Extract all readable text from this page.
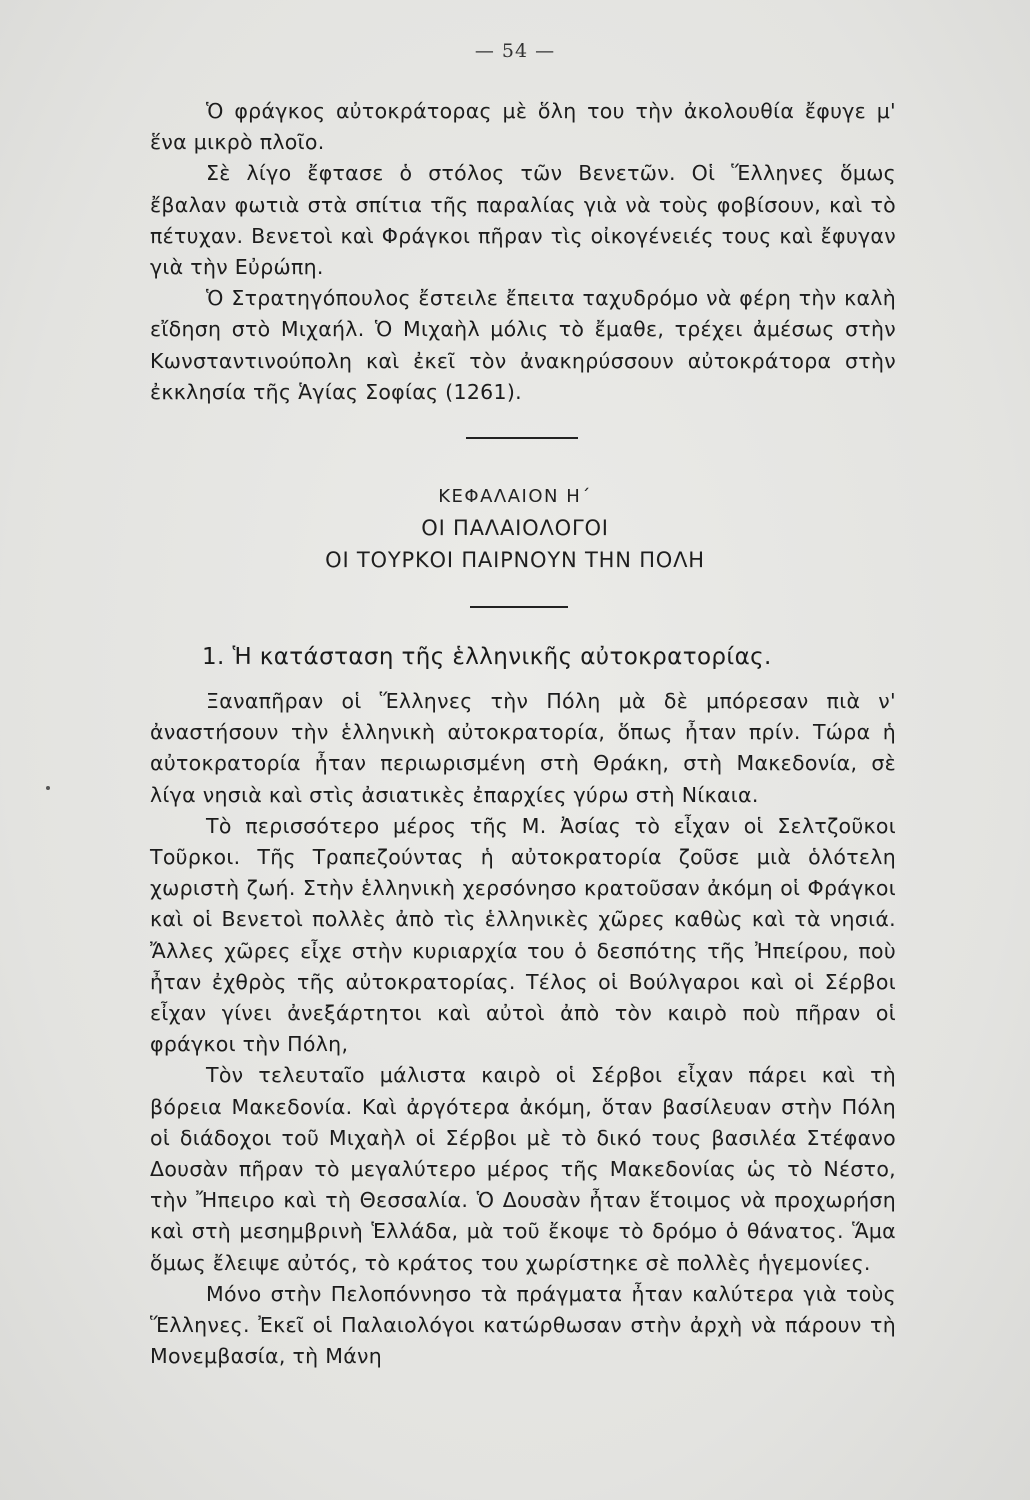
— 54 —

Ὁ φράγκος αὐτοκράτορας μὲ ὅλη του τὴν ἀκολουθία ἔφυγε μ' ἕνα μικρὸ πλοῖο.

Σὲ λίγο ἔφτασε ὁ στόλος τῶν Βενετῶν. Οἱ Ἕλληνες ὅμως ἔβαλαν φωτιὰ στὰ σπίτια τῆς παραλίας γιὰ νὰ τοὺς φοβίσουν, καὶ τὸ πέτυχαν. Βενετοὶ καὶ Φράγκοι πῆραν τὶς οἰκογένειές τους καὶ ἔφυγαν γιὰ τὴν Εὐρώπη.

Ὁ Στρατηγόπουλος ἔστειλε ἔπειτα ταχυδρόμο νὰ φέρη τὴν καλὴ εἴδηση στὸ Μιχαήλ. Ὁ Μιχαὴλ μόλις τὸ ἔμαθε, τρέχει ἀμέσως στὴν Κωνσταντινούπολη καὶ ἐκεῖ τὸν ἀνακηρύσσουν αὐτοκράτορα στὴν ἐκκλησία τῆς Ἁγίας Σοφίας (1261).

ΚΕΦΑΛΑΙΟΝ Η΄
ΟΙ ΠΑΛΑΙΟΛΟΓΟΙ
ΟΙ ΤΟΥΡΚΟΙ ΠΑΙΡΝΟΥΝ ΤΗΝ ΠΟΛΗ
1. Ἡ κατάσταση τῆς ἑλληνικῆς αὐτοκρατορίας.

Ξαναπῆραν οἱ Ἕλληνες τὴν Πόλη μὰ δὲ μπόρεσαν πιὰ ν' ἀναστήσουν τὴν ἑλληνικὴ αὐτοκρατορία, ὅπως ἦταν πρίν. Τώρα ἡ αὐτοκρατορία ἦταν περιωρισμένη στὴ Θράκη, στὴ Μακεδονία, σὲ λίγα νησιὰ καὶ στὶς ἀσιατικὲς ἐπαρχίες γύρω στὴ Νίκαια.

Τὸ περισσότερο μέρος τῆς Μ. Ἀσίας τὸ εἶχαν οἱ Σελτζοῦκοι Τοῦρκοι. Τῆς Τραπεζούντας ἡ αὐτοκρατορία ζοῦσε μιὰ ὁλότελη χωριστὴ ζωή. Στὴν ἑλληνικὴ χερσόνησο κρατοῦσαν ἀκόμη οἱ Φράγκοι καὶ οἱ Βενετοὶ πολλὲς ἀπὸ τὶς ἑλληνικὲς χῶρες καθὼς καὶ τὰ νησιά. Ἄλλες χῶρες εἶχε στὴν κυριαρχία του ὁ δεσπότης τῆς Ἠπείρου, ποὺ ἦταν ἐχθρὸς τῆς αὐτοκρατορίας. Τέλος οἱ Βούλγαροι καὶ οἱ Σέρβοι εἶχαν γίνει ἀνεξάρτητοι καὶ αὐτοὶ ἀπὸ τὸν καιρὸ ποὺ πῆραν οἱ φράγκοι τὴν Πόλη,

Τὸν τελευταῖο μάλιστα καιρὸ οἱ Σέρβοι εἶχαν πάρει καὶ τὴ βόρεια Μακεδονία. Καὶ ἀργότερα ἀκόμη, ὅταν βασίλευαν στὴν Πόλη οἱ διάδοχοι τοῦ Μιχαὴλ οἱ Σέρβοι μὲ τὸ δικό τους βασιλέα Στέφανο Δουσὰν πῆραν τὸ μεγαλύτερο μέρος τῆς Μακεδονίας ὡς τὸ Νέστο, τὴν Ἤπειρο καὶ τὴ Θεσσαλία. Ὁ Δουσὰν ἦταν ἕτοιμος νὰ προχωρήση καὶ στὴ μεσημβρινὴ Ἑλλάδα, μὰ τοῦ ἔκοψε τὸ δρόμο ὁ θάνατος. Ἅμα ὅμως ἔλειψε αὐτός, τὸ κράτος του χωρίστηκε σὲ πολλὲς ἡγεμονίες.

Μόνο στὴν Πελοπόννησο τὰ πράγματα ἦταν καλύτερα γιὰ τοὺς Ἕλληνες. Ἐκεῖ οἱ Παλαιολόγοι κατώρθωσαν στὴν ἀρχὴ νὰ πάρουν τὴ Μονεμβασία, τὴ Μάνη
